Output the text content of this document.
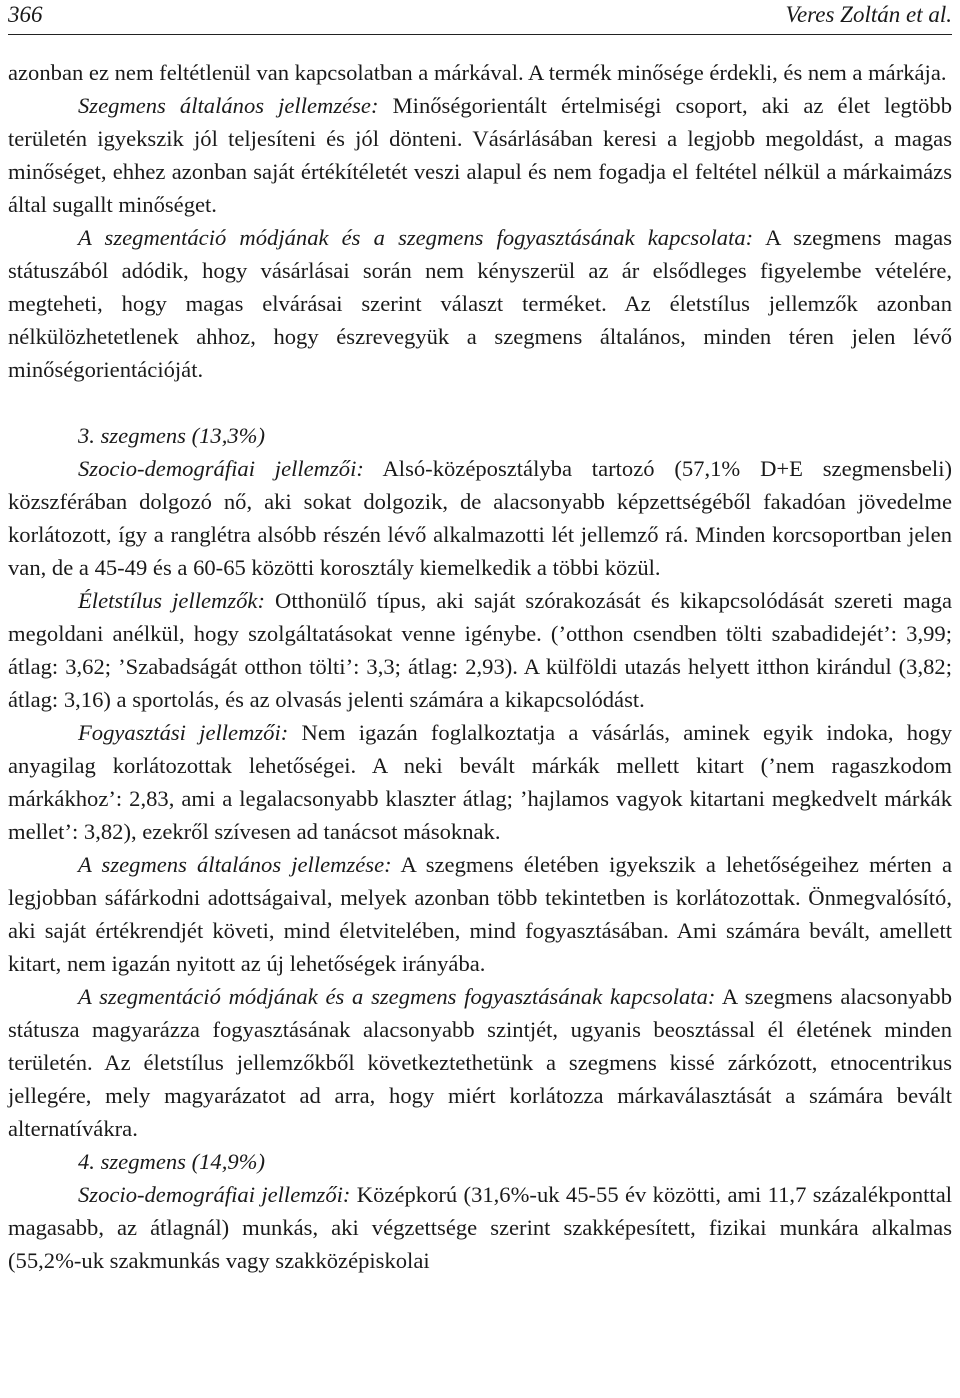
366	Veres Zoltán et al.

azonban ez nem feltétlenül van kapcsolatban a márkával. A termék minősége érdekli, és nem a márkája.

Szegmens általános jellemzése: Minőségorientált értelmiségi csoport, aki az élet legtöbb területén igyekszik jól teljesíteni és jól dönteni. Vásárlásában keresi a legjobb megoldást, a magas minőséget, ehhez azonban saját értékítéletét veszi alapul és nem fogadja el feltétel nélkül a márkaimázs által sugallt minőséget.

A szegmentáció módjának és a szegmens fogyasztásának kapcsolata: A szegmens magas státuszából adódik, hogy vásárlásai során nem kényszerül az ár elsődleges figyelembe vételére, megteheti, hogy magas elvárásai szerint választ terméket. Az életstílus jellemzők azonban nélkülözhetetlenek ahhoz, hogy észrevegyük a szegmens általános, minden téren jelen lévő minőségorientációját.

3. szegmens (13,3%)

Szocio-demográfiai jellemzői: Alsó-középosztályba tartozó (57,1% D+E szegmensbeli) közszférában dolgozó nő, aki sokat dolgozik, de alacsonyabb képzettségéből fakadóan jövedelme korlátozott, így a ranglétra alsóbb részén lévő alkalmazotti lét jellemző rá. Minden korcsoportban jelen van, de a 45-49 és a 60-65 közötti korosztály kiemelkedik a többi közül.

Életstílus jellemzők: Otthonülő típus, aki saját szórakozását és kikapcsolódását szereti maga megoldani anélkül, hogy szolgáltatásokat venne igénybe. (’otthon csendben tölti szabadidejét’: 3,99; átlag: 3,62; ’Szabadságát otthon tölti’: 3,3; átlag: 2,93). A külföldi utazás helyett itthon kirándul (3,82; átlag: 3,16) a sportolás, és az olvasás jelenti számára a kikapcsolódást.

Fogyasztási jellemzői: Nem igazán foglalkoztatja a vásárlás, aminek egyik indoka, hogy anyagilag korlátozottak lehetőségei. A neki bevált márkák mellett kitart (’nem ragaszkodom márkákhoz’: 2,83, ami a legalacsonyabb klaszter átlag; ’hajlamos vagyok kitartani megkedvelt márkák mellet’: 3,82), ezekről szívesen ad tanácsot másoknak.

A szegmens általános jellemzése: A szegmens életében igyekszik a lehetőségeihez mérten a legjobban sáfárkodni adottságaival, melyek azonban több tekintetben is korlátozottak. Önmegvalósító, aki saját értékrendjét követi, mind életvitelében, mind fogyasztásában. Ami számára bevált, amellett kitart, nem igazán nyitott az új lehetőségek irányába.

A szegmentáció módjának és a szegmens fogyasztásának kapcsolata: A szegmens alacsonyabb státusza magyarázza fogyasztásának alacsonyabb szintjét, ugyanis beosztással él életének minden területén. Az életstílus jellemzőkből következtethetünk a szegmens kissé zárkózott, etnocentrikus jellegére, mely magyarázatot ad arra, hogy miért korlátozza márkaválasztását a számára bevált alternatívákra.

4. szegmens (14,9%)

Szocio-demográfiai jellemzői: Középkorú (31,6%-uk 45-55 év közötti, ami 11,7 százalékponttal magasabb, az átlagnál) munkás, aki végzettsége szerint szakképesített, fizikai munkára alkalmas (55,2%-uk szakmunkás vagy szakközépiskolai
